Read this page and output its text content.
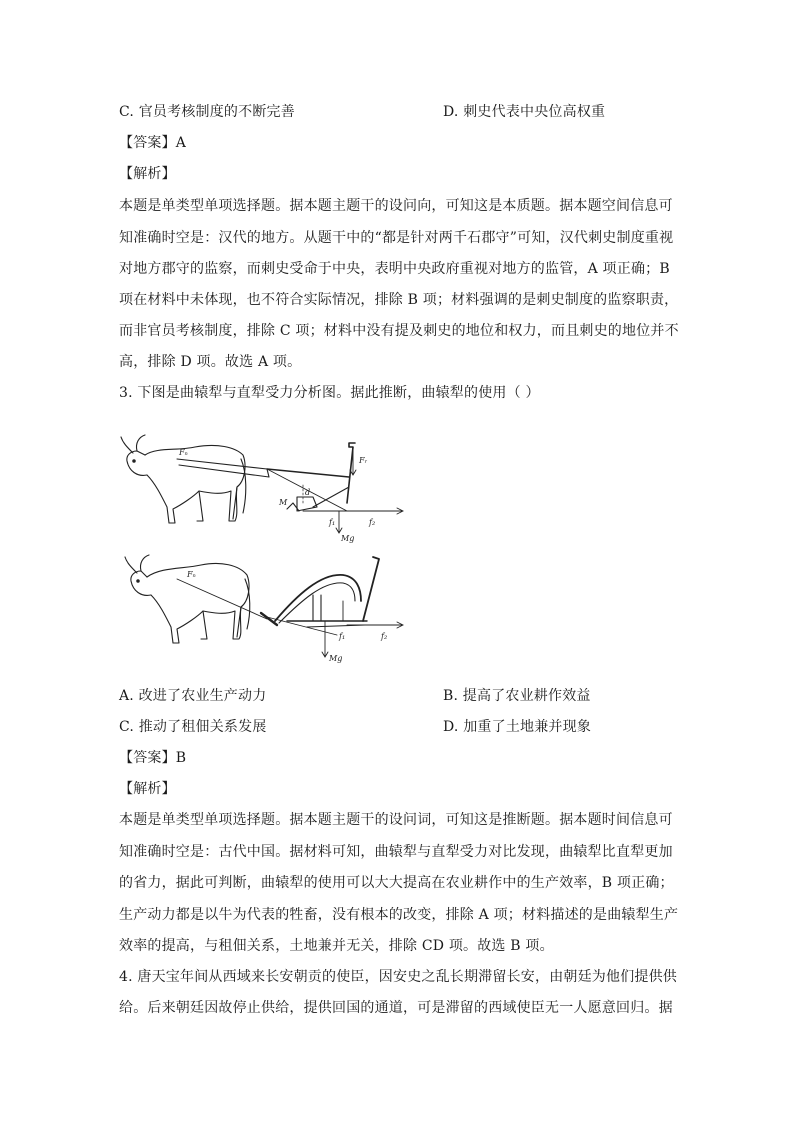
C. 官员考核制度的不断完善	D. 刺史代表中央位高权重
【答案】A
【解析】
本题是单类型单项选择题。据本题主题干的设问向，可知这是本质题。据本题空间信息可
知准确时空是：汉代的地方。从题干中的“都是针对两千石郡守”可知，汉代刺史制度重视
对地方郡守的监察，而刺史受命于中央，表明中央政府重视对地方的监管，A 项正确；B
项在材料中未体现，也不符合实际情况，排除 B 项；材料强调的是刺史制度的监察职责，
而非官员考核制度，排除 C 项；材料中没有提及刺史的地位和权力，而且刺史的地位并不
高，排除 D 项。故选 A 项。
3. 下图是曲辕犁与直犁受力分析图。据此推断，曲辕犁的使用（ ）
Fₙ
Fᵣ
M
d
f₁	f₂
Mg
Fₙ
f₁	f₂
Mg
A. 改进了农业生产动力	B. 提高了农业耕作效益
C. 推动了租佃关系发展	D. 加重了土地兼并现象
【答案】B
【解析】
本题是单类型单项选择题。据本题主题干的设问词，可知这是推断题。据本题时间信息可
知准确时空是：古代中国。据材料可知，曲辕犁与直犁受力对比发现，曲辕犁比直犁更加
的省力，据此可判断，曲辕犁的使用可以大大提高在农业耕作中的生产效率，B 项正确；
生产动力都是以牛为代表的牲畜，没有根本的改变，排除 A 项；材料描述的是曲辕犁生产
效率的提高，与租佃关系，土地兼并无关，排除 CD 项。故选 B 项。
4. 唐天宝年间从西域来长安朝贡的使臣，因安史之乱长期滞留长安，由朝廷为他们提供供
给。后来朝廷因故停止供给，提供回国的通道，可是滞留的西域使臣无一人愿意回归。据
